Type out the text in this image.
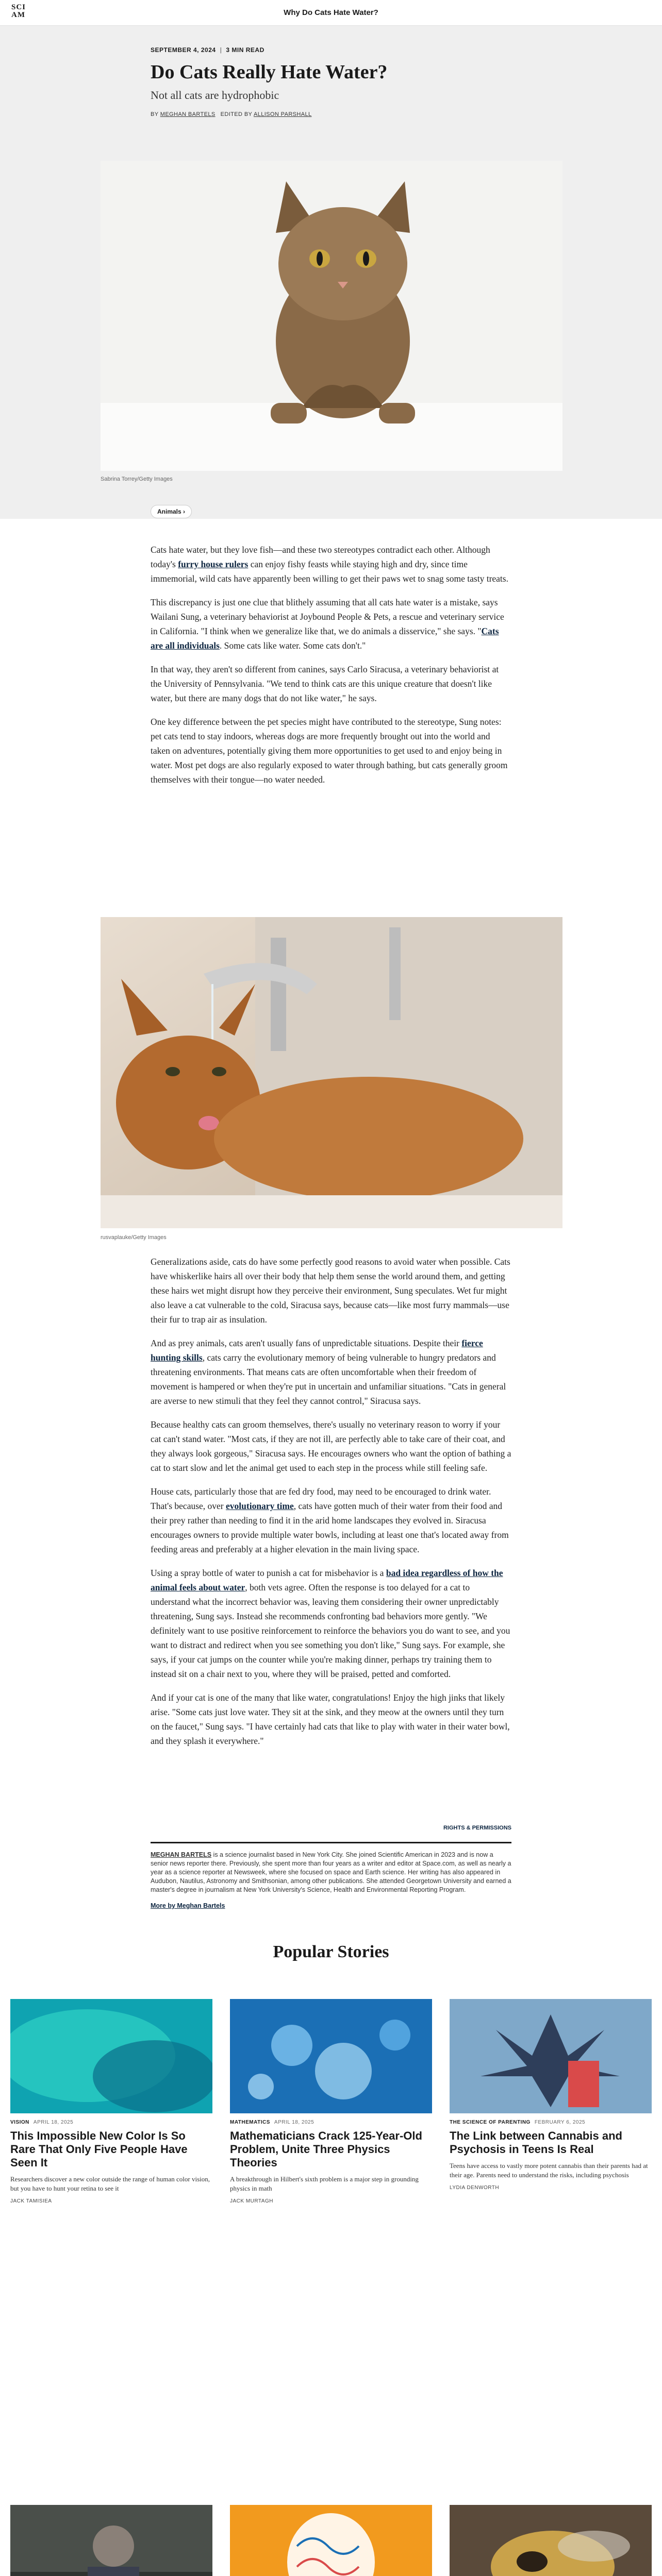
SCI AM	Why Do Cats Hate Water?
SEPTEMBER 4, 2024 | 3 MIN READ
Do Cats Really Hate Water?
Not all cats are hydrophobic
BY MEGHAN BARTELS EDITED BY ALLISON PARSHALL
Sabrina Torrey/Getty Images
Animals ›

Cats hate water, but they love fish—and these two stereotypes contradict each other. Although today's furry house rulers can enjoy fishy feasts while staying high and dry, since time immemorial, wild cats have apparently been willing to get their paws wet to snag some tasty treats.

This discrepancy is just one clue that blithely assuming that all cats hate water is a mistake, says Wailani Sung, a veterinary behaviorist at Joybound People & Pets, a rescue and veterinary service in California. "I think when we generalize like that, we do animals a disservice," she says. "Cats are all individuals. Some cats like water. Some cats don't."

In that way, they aren't so different from canines, says Carlo Siracusa, a veterinary behaviorist at the University of Pennsylvania. "We tend to think cats are this unique creature that doesn't like water, but there are many dogs that do not like water," he says.

One key difference between the pet species might have contributed to the stereotype, Sung notes: pet cats tend to stay indoors, whereas dogs are more frequently brought out into the world and taken on adventures, potentially giving them more opportunities to get used to and enjoy being in water. Most pet dogs are also regularly exposed to water through bathing, but cats generally groom themselves with their tongue—no water needed.

rusvaplauke/Getty Images

Generalizations aside, cats do have some perfectly good reasons to avoid water when possible. Cats have whiskerlike hairs all over their body that help them sense the world around them, and getting these hairs wet might disrupt how they perceive their environment, Sung speculates. Wet fur might also leave a cat vulnerable to the cold, Siracusa says, because cats—like most furry mammals—use their fur to trap air as insulation.

And as prey animals, cats aren't usually fans of unpredictable situations. Despite their fierce hunting skills, cats carry the evolutionary memory of being vulnerable to hungry predators and threatening environments. That means cats are often uncomfortable when their freedom of movement is hampered or when they're put in uncertain and unfamiliar situations. "Cats in general are averse to new stimuli that they feel they cannot control," Siracusa says.

Because healthy cats can groom themselves, there's usually no veterinary reason to worry if your cat can't stand water. "Most cats, if they are not ill, are perfectly able to take care of their coat, and they always look gorgeous," Siracusa says. He encourages owners who want the option of bathing a cat to start slow and let the animal get used to each step in the process while still feeling safe.

House cats, particularly those that are fed dry food, may need to be encouraged to drink water. That's because, over evolutionary time, cats have gotten much of their water from their food and their prey rather than needing to find it in the arid home landscapes they evolved in. Siracusa encourages owners to provide multiple water bowls, including at least one that's located away from feeding areas and preferably at a higher elevation in the main living space.

Using a spray bottle of water to punish a cat for misbehavior is a bad idea regardless of how the animal feels about water, both vets agree. Often the response is too delayed for a cat to understand what the incorrect behavior was, leaving them considering their owner unpredictably threatening, Sung says. Instead she recommends confronting bad behaviors more gently. "We definitely want to use positive reinforcement to reinforce the behaviors you do want to see, and you want to distract and redirect when you see something you don't like," Sung says. For example, she says, if your cat jumps on the counter while you're making dinner, perhaps try training them to instead sit on a chair next to you, where they will be praised, petted and comforted.

And if your cat is one of the many that like water, congratulations! Enjoy the high jinks that likely arise. "Some cats just love water. They sit at the sink, and they meow at the owners until they turn on the faucet," Sung says. "I have certainly had cats that like to play with water in their water bowl, and they splash it everywhere."

RIGHTS & PERMISSIONS
MEGHAN BARTELS is a science journalist based in New York City. She joined Scientific American in 2023 and is now a senior news reporter there. Previously, she spent more than four years as a writer and editor at Space.com, as well as nearly a year as a science reporter at Newsweek, where she focused on space and Earth science. Her writing has also appeared in Audubon, Nautilus, Astronomy and Smithsonian, among other publications. She attended Georgetown University and earned a master's degree in journalism at New York University's Science, Health and Environmental Reporting Program.
More by Meghan Bartels
Popular Stories
VISION APRIL 18, 2025
This Impossible New Color Is So Rare That Only Five People Have Seen It
Researchers discover a new color outside the range of human color vision, but you have to hunt your retina to see it
JACK TAMISIEA
MATHEMATICS APRIL 18, 2025
Mathematicians Crack 125-Year-Old Problem, Unite Three Physics Theories
A breakthrough in Hilbert's sixth problem is a major step in grounding physics in math
JACK MURTAGH
THE SCIENCE OF PARENTING FEBRUARY 6, 2025
The Link between Cannabis and Psychosis in Teens Is Real
Teens have access to vastly more potent cannabis than their parents had at their age. Parents need to understand the risks, including psychosis
LYDIA DENWORTH
